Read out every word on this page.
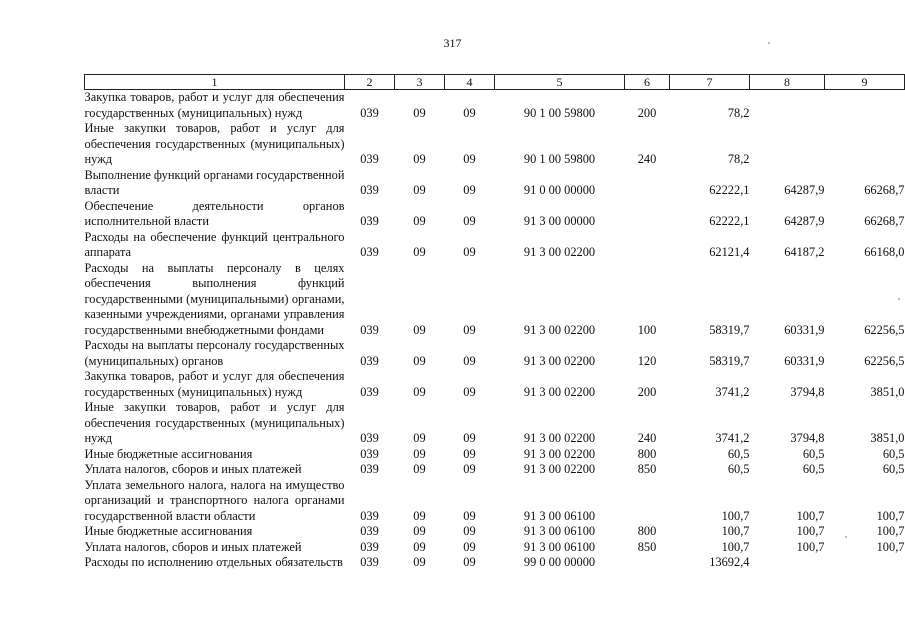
317
1	2	3	4	5	6	7	8	9
Закупка товаров, работ и услуг для обеспечения государственных (муниципальных) нужд	039	09	09	90 1 00 59800	200	78,2		
Иные закупки товаров, работ и услуг для обеспечения государственных (муниципальных) нужд	039	09	09	90 1 00 59800	240	78,2		
Выполнение функций органами государственной власти	039	09	09	91 0 00 00000		62222,1	64287,9	66268,7
Обеспечение деятельности органов исполнительной власти	039	09	09	91 3 00 00000		62222,1	64287,9	66268,7
Расходы на обеспечение функций центрального аппарата	039	09	09	91 3 00 02200		62121,4	64187,2	66168,0
Расходы на выплаты персоналу в целях обеспечения выполнения функций государственными (муниципальными) органами, казенными учреждениями, органами управления государственными внебюджетными фондами	039	09	09	91 3 00 02200	100	58319,7	60331,9	62256,5
Расходы на выплаты персоналу государственных (муниципальных) органов	039	09	09	91 3 00 02200	120	58319,7	60331,9	62256,5
Закупка товаров, работ и услуг для обеспечения государственных (муниципальных) нужд	039	09	09	91 3 00 02200	200	3741,2	3794,8	3851,0
Иные закупки товаров, работ и услуг для обеспечения государственных (муниципальных) нужд	039	09	09	91 3 00 02200	240	3741,2	3794,8	3851,0
Иные бюджетные ассигнования	039	09	09	91 3 00 02200	800	60,5	60,5	60,5
Уплата налогов, сборов и иных платежей	039	09	09	91 3 00 02200	850	60,5	60,5	60,5
Уплата земельного налога, налога на имущество организаций и транспортного налога органами государственной власти области	039	09	09	91 3 00 06100		100,7	100,7	100,7
Иные бюджетные ассигнования	039	09	09	91 3 00 06100	800	100,7	100,7	100,7
Уплата налогов, сборов и иных платежей	039	09	09	91 3 00 06100	850	100,7	100,7	100,7
Расходы по исполнению отдельных обязательств	039	09	09	99 0 00 00000		13692,4		
